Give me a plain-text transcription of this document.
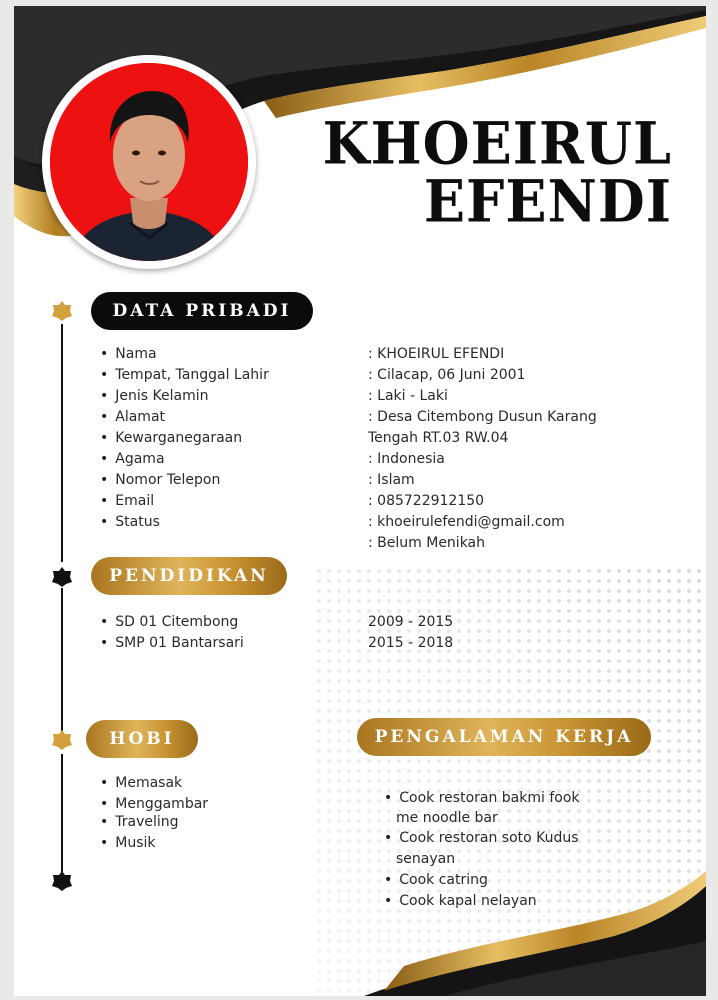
KHOEIRUL
EFENDI
DATA PRIBADI
PENDIDIKAN
HOBI	PENGALAMAN KERJA
• Nama
• Tempat, Tanggal Lahir
• Jenis Kelamin
• Alamat
• Kewarganegaraan
• Agama
• Nomor Telepon
• Email
• Status
: KHOEIRUL EFENDI
: Cilacap, 06 Juni 2001
: Laki - Laki
: Desa Citembong Dusun Karang
Tengah RT.03 RW.04
: Indonesia
: Islam
: 085722912150
: khoeirulefendi@gmail.com
: Belum Menikah
• SD 01 Citembong
• SMP 01 Bantarsari
2009 - 2015
2015 - 2018
• Memasak
• Menggambar
• Traveling
• Musik
• Cook restoran bakmi fook
me noodle bar
• Cook restoran soto Kudus
senayan
• Cook catring
• Cook kapal nelayan
